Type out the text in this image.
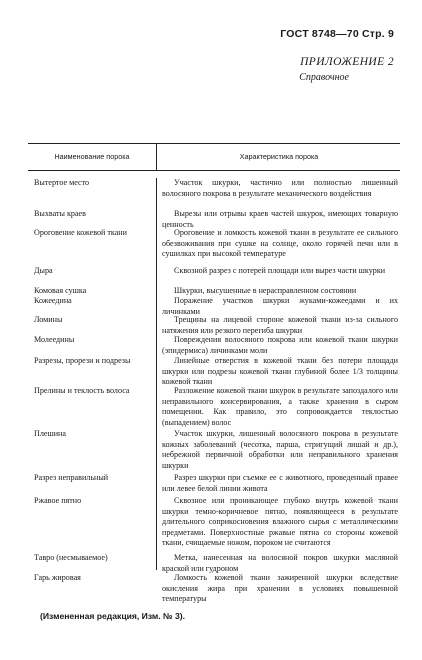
ГОСТ 8748—70 Стр. 9
ПРИЛОЖЕНИЕ 2
Справочное
Наименование порока	Характеристика порока
Вытертое место	Участок шкурки, частично или полностью лишенный волосяного покрова в результате механического воздействия
Выхваты краев	Вырезы или отрывы краев частей шкурок, имеющих товарную ценность
Ороговение кожевой ткани	Ороговение и ломкость кожевой ткани в результате ее сильного обезвоживания при сушке на солнце, около горячей печи или в сушилках при высокой температуре
Дыра	Сквозной разрез с потерей площади или вырез части шкурки
Комовая сушка	Шкурки, высушенные в нерасправленном состоянии
Кожеедина	Поражение участков шкурки жуками-кожеедами и их личинками
Ломины	Трещины на лицевой стороне кожевой ткани из-за сильного натяжения или резкого перегиба шкурки
Молеедины	Повреждения волосяного покрова или кожевой ткани шкурки (эпидермиса) личинками моли
Разрезы, прорези и подрезы	Линейные отверстия в кожевой ткани без потери площади шкурки или подрезы кожевой ткани глубиной более 1/3 толщины кожевой ткани
Прелины и теклость волоса	Разложение кожевой ткани шкурок в результате запоздалого или неправильного консервирования, а также хранения в сыром помещении. Как правило, это сопровождается теклостью (выпадением) волос
Плешина	Участок шкурки, лишенный волосяного покрова в результате кожных заболеваний (чесотка, парша, стригущий лишай и др.), небрежной первичной обработки или неправильного хранения шкурки
Разрез неправильный	Разрез шкурки при съемке ее с животного, проведенный правее или левее белой линии живота
Ржавое пятно	Сквозное или проникающее глубоко внутрь кожевой ткани шкурки темно-коричневое пятно, появляющееся в результате длительного соприкосновения влажного сырья с металлическими предметами. Поверхностные ржавые пятна со стороны кожевой ткани, счищаемые ножом, пороком не считаются
Тавро (несмываемое)	Метка, нанесенная на волосяной покров шкурки масляной краской или гудроном
Гарь жировая	Ломкость кожевой ткани зажиренной шкурки вследствие окисления жира при хранении в условиях повышенной температуры
(Измененная редакция, Изм. № 3).
